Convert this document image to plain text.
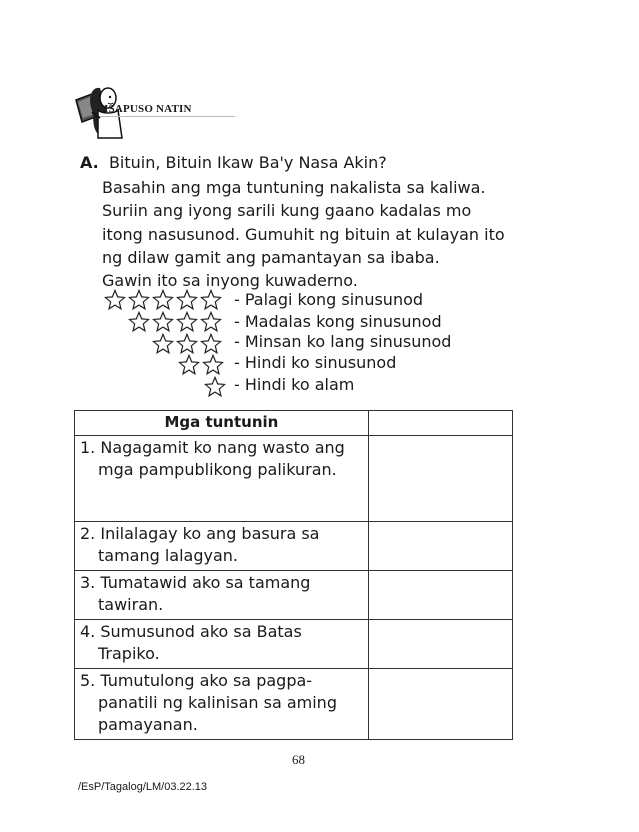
ISAPUSO NATIN
A. Bituin, Bituin Ikaw Ba'y Nasa Akin?

Basahin ang mga tuntuning nakalista sa kaliwa.

Suriin ang iyong sarili kung gaano kadalas mo

itong nasusunod. Gumuhit ng bituin at kulayan ito

ng dilaw gamit ang pamantayan sa ibaba.

Gawin ito sa inyong kuwaderno.

- Palagi kong sinusunod
- Madalas kong sinusunod
- Minsan ko lang sinusunod
- Hindi ko sinusunod
- Hindi ko alam
Mga tuntunin	

1. Nagagamit ko nang wasto ang mga pampublikong palikuran.	

2. Inilalagay ko ang basura sa tamang lalagyan.	

3. Tumatawid ako sa tamang tawiran.	

4. Sumusunod ako sa Batas Trapiko.	

5. Tumutulong ako sa pagpa-panatili ng kalinisan sa aming pamayanan.	

68
/EsP/Tagalog/LM/03.22.13
